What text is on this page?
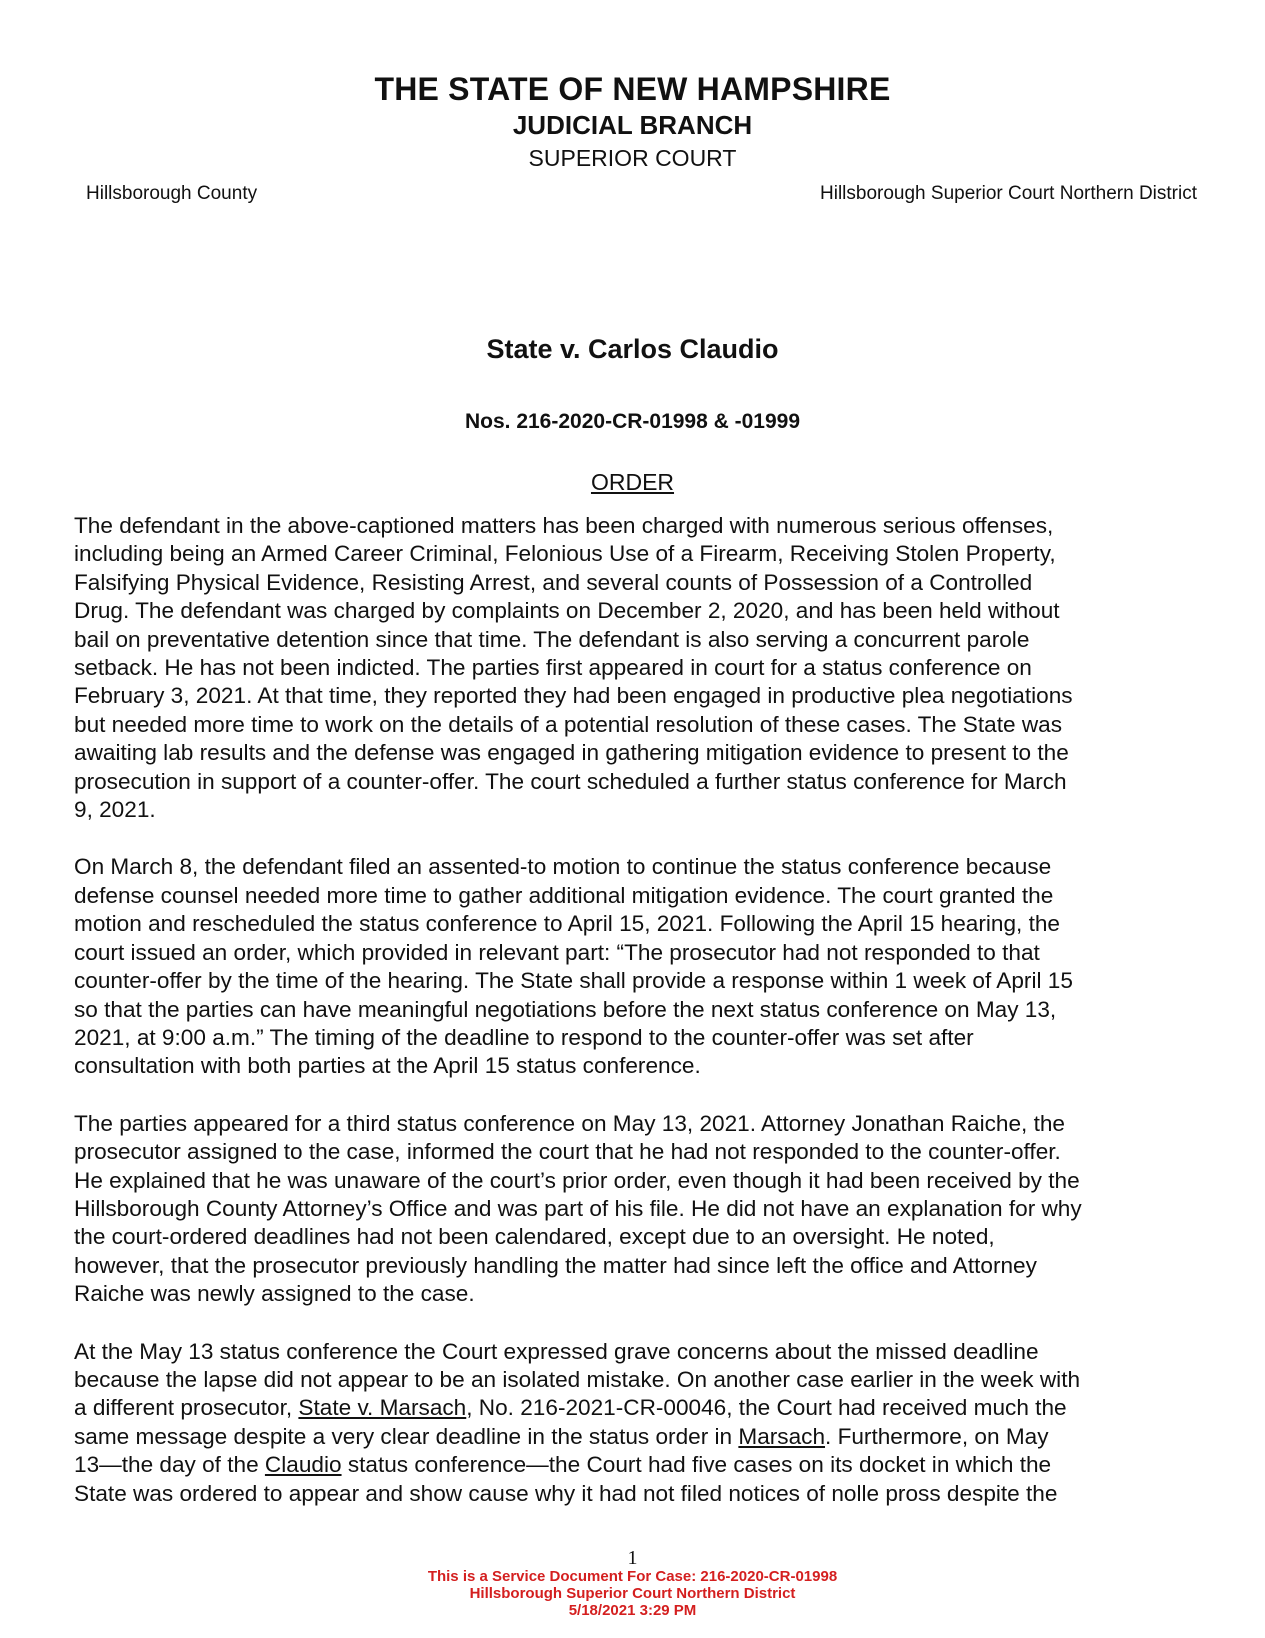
THE STATE OF NEW HAMPSHIRE
JUDICIAL BRANCH
SUPERIOR COURT
Hillsborough County	Hillsborough Superior Court Northern District
State v. Carlos Claudio
Nos. 216-2020-CR-01998 & -01999
ORDER
The defendant in the above-captioned matters has been charged with numerous serious offenses,
including being an Armed Career Criminal, Felonious Use of a Firearm, Receiving Stolen Property,
Falsifying Physical Evidence, Resisting Arrest, and several counts of Possession of a Controlled
Drug. The defendant was charged by complaints on December 2, 2020, and has been held without
bail on preventative detention since that time. The defendant is also serving a concurrent parole
setback. He has not been indicted. The parties first appeared in court for a status conference on
February 3, 2021. At that time, they reported they had been engaged in productive plea negotiations
but needed more time to work on the details of a potential resolution of these cases. The State was
awaiting lab results and the defense was engaged in gathering mitigation evidence to present to the
prosecution in support of a counter-offer. The court scheduled a further status conference for March
9, 2021.
On March 8, the defendant filed an assented-to motion to continue the status conference because
defense counsel needed more time to gather additional mitigation evidence. The court granted the
motion and rescheduled the status conference to April 15, 2021. Following the April 15 hearing, the
court issued an order, which provided in relevant part: “The prosecutor had not responded to that
counter-offer by the time of the hearing. The State shall provide a response within 1 week of April 15
so that the parties can have meaningful negotiations before the next status conference on May 13,
2021, at 9:00 a.m.” The timing of the deadline to respond to the counter-offer was set after
consultation with both parties at the April 15 status conference.
The parties appeared for a third status conference on May 13, 2021. Attorney Jonathan Raiche, the
prosecutor assigned to the case, informed the court that he had not responded to the counter-offer.
He explained that he was unaware of the court’s prior order, even though it had been received by the
Hillsborough County Attorney’s Office and was part of his file. He did not have an explanation for why
the court-ordered deadlines had not been calendared, except due to an oversight. He noted,
however, that the prosecutor previously handling the matter had since left the office and Attorney
Raiche was newly assigned to the case.
At the May 13 status conference the Court expressed grave concerns about the missed deadline
because the lapse did not appear to be an isolated mistake. On another case earlier in the week with
a different prosecutor, State v. Marsach, No. 216-2021-CR-00046, the Court had received much the
same message despite a very clear deadline in the status order in Marsach. Furthermore, on May
13—the day of the Claudio status conference—the Court had five cases on its docket in which the
State was ordered to appear and show cause why it had not filed notices of nolle pross despite the
1
This is a Service Document For Case: 216-2020-CR-01998
Hillsborough Superior Court Northern District
5/18/2021 3:29 PM
